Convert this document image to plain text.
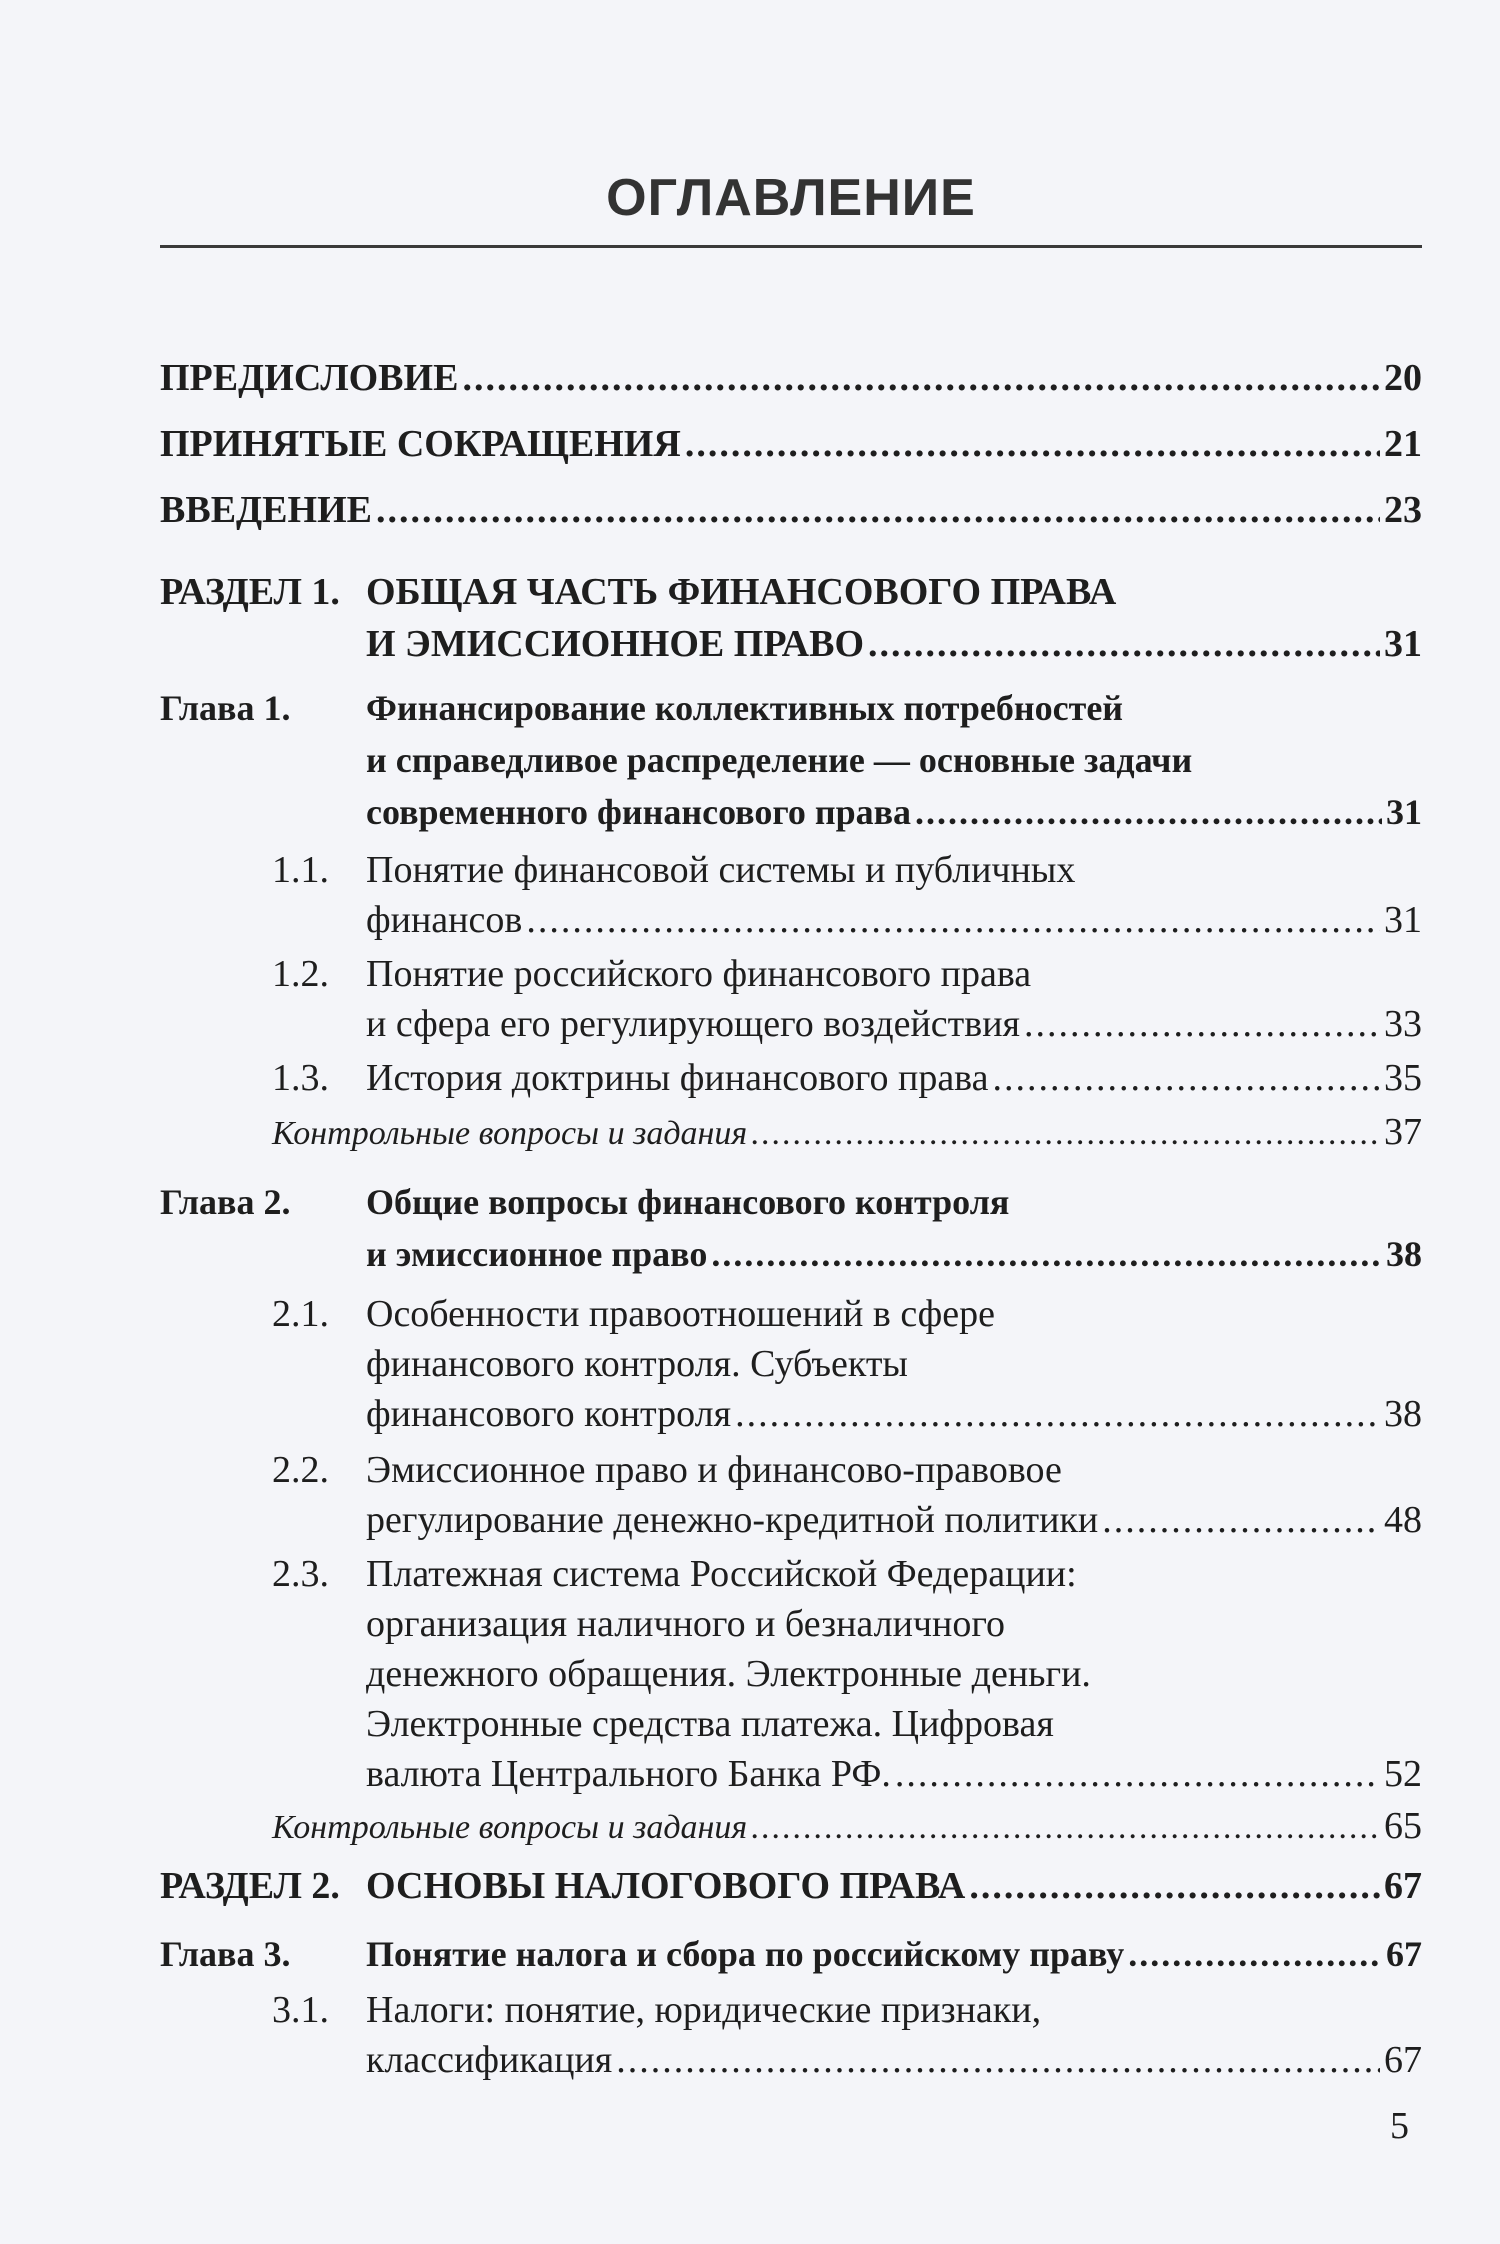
ОГЛАВЛЕНИЕ
ПРЕДИСЛОВИЕ .....	20
ПРИНЯТЫЕ СОКРАЩЕНИЯ .....	21
ВВЕДЕНИЕ .....	23
РАЗДЕЛ 1. ОБЩАЯ ЧАСТЬ ФИНАНСОВОГО ПРАВА
И ЭМИССИОННОЕ ПРАВО .....	31
Глава 1. Финансирование коллективных потребностей
и справедливое распределение — основные задачи
современного финансового права .....	31
1.1. Понятие финансовой системы и публичных
финансов .....	31
1.2. Понятие российского финансового права
и сфера его регулирующего воздействия .....	33
1.3. История доктрины финансового права .....	35
Контрольные вопросы и задания .....	37
Глава 2. Общие вопросы финансового контроля
и эмиссионное право .....	38
2.1. Особенности правоотношений в сфере
финансового контроля. Субъекты
финансового контроля .....	38
2.2. Эмиссионное право и финансово-правовое
регулирование денежно-кредитной политики .....	48
2.3. Платежная система Российской Федерации:
организация наличного и безналичного
денежного обращения. Электронные деньги.
Электронные средства платежа. Цифровая
валюта Центрального Банка РФ. .....	52
Контрольные вопросы и задания .....	65
РАЗДЕЛ 2. ОСНОВЫ НАЛОГОВОГО ПРАВА .....	67
Глава 3. Понятие налога и сбора по российскому праву .....	67
3.1. Налоги: понятие, юридические признаки,
классификация .....	67
5
